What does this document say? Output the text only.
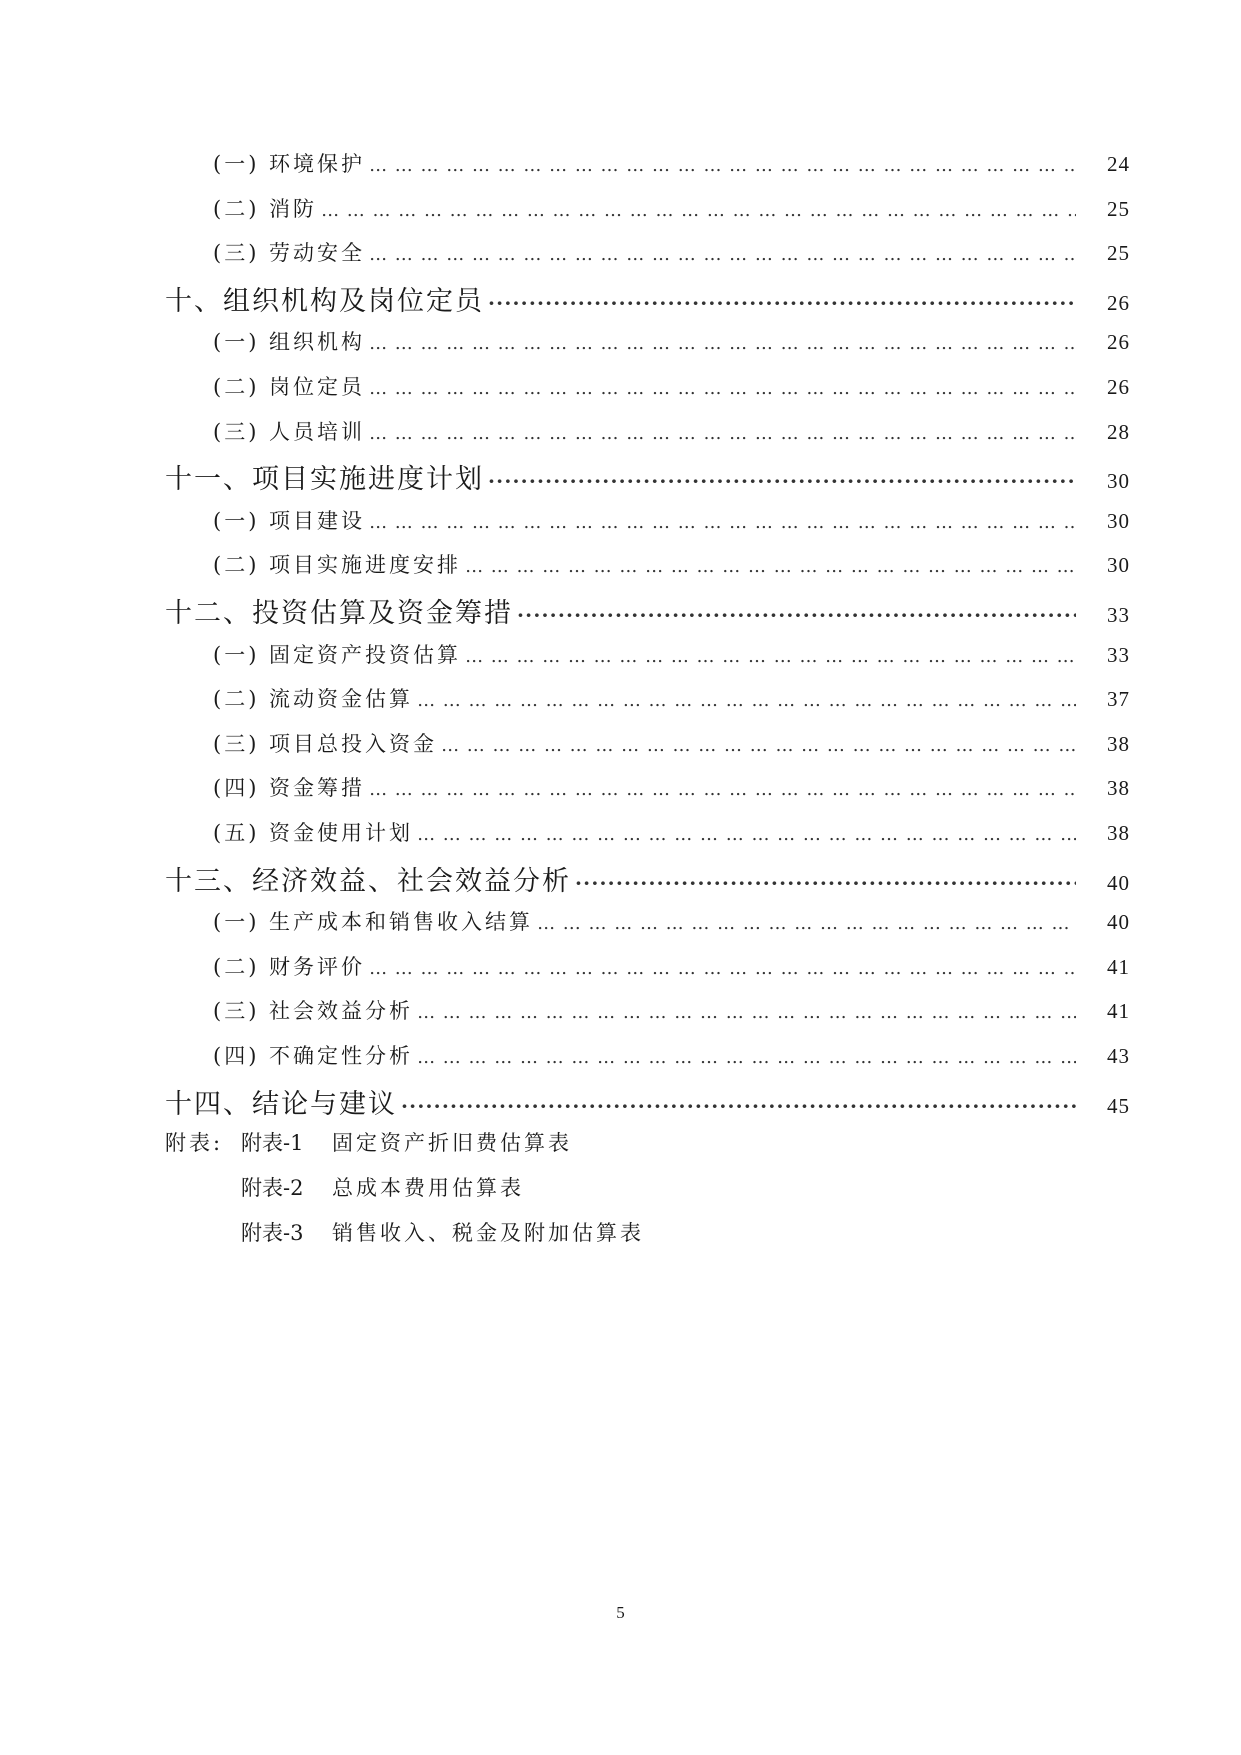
(一) 环境保护 … … … … … … … … … … … … … … … … … … … … … … … … … … … … … … … … … … … … … … … … … … … … … … … … … … … … … … … … …	24
(二) 消防 … … … … … … … … … … … … … … … … … … … … … … … … … … … … … … … … … … … … … … … … … … … … … … … … … … … … … … … … …	25
(三) 劳动安全 … … … … … … … … … … … … … … … … … … … … … … … … … … … … … … … … … … … … … … … … … … … … … … … … … … … … … … … … …	25
十、组织机构及岗位定员 ·····	26
(一) 组织机构 … … … … … … … … … … … … … … … … … … … … … … … … … … … … … … … … … … … … … … … … … … … … … … … … … … … … … … … … …	26
(二) 岗位定员 … … … … … … … … … … … … … … … … … … … … … … … … … … … … … … … … … … … … … … … … … … … … … … … … … … … … … … … … …	26
(三) 人员培训 … … … … … … … … … … … … … … … … … … … … … … … … … … … … … … … … … … … … … … … … … … … … … … … … … … … … … … … … …	28
十一、项目实施进度计划 ·····	30
(一) 项目建设 … … … … … … … … … … … … … … … … … … … … … … … … … … … … … … … … … … … … … … … … … … … … … … … … … … … … … … … … …	30
(二) 项目实施进度安排 … … … … … … … … … … … … … … … … … … … … … … … … … … … … … … … … … … … … … … … … … … … … … … … … … … … … … … … … …	30
十二、投资估算及资金筹措 ·····	33
(一) 固定资产投资估算 … … … … … … … … … … … … … … … … … … … … … … … … … … … … … … … … … … … … … … … … … … … … … … … … … … … … … … … … …	33
(二) 流动资金估算 … … … … … … … … … … … … … … … … … … … … … … … … … … … … … … … … … … … … … … … … … … … … … … … … … … … … … … … … …	37
(三) 项目总投入资金 … … … … … … … … … … … … … … … … … … … … … … … … … … … … … … … … … … … … … … … … … … … … … … … … … … … … … … … … …	38
(四) 资金筹措 … … … … … … … … … … … … … … … … … … … … … … … … … … … … … … … … … … … … … … … … … … … … … … … … … … … … … … … … …	38
(五) 资金使用计划 … … … … … … … … … … … … … … … … … … … … … … … … … … … … … … … … … … … … … … … … … … … … … … … … … … … … … … … … …	38
十三、经济效益、社会效益分析 ·····	40
(一) 生产成本和销售收入结算 … … … … … … … … … … … … … … … … … … … … … … … … … … … … … … … … … … … … … … … … … … … … … … … … … … … … … … … … …	40
(二) 财务评价 … … … … … … … … … … … … … … … … … … … … … … … … … … … … … … … … … … … … … … … … … … … … … … … … … … … … … … … … …	41
(三) 社会效益分析 … … … … … … … … … … … … … … … … … … … … … … … … … … … … … … … … … … … … … … … … … … … … … … … … … … … … … … … … …	41
(四) 不确定性分析 … … … … … … … … … … … … … … … … … … … … … … … … … … … … … … … … … … … … … … … … … … … … … … … … … … … … … … … … …	43
十四、结论与建议 ·····	45
附表: 附表-1 固定资产折旧费估算表
附表-2 总成本费用估算表
附表-3 销售收入、税金及附加估算表
5
